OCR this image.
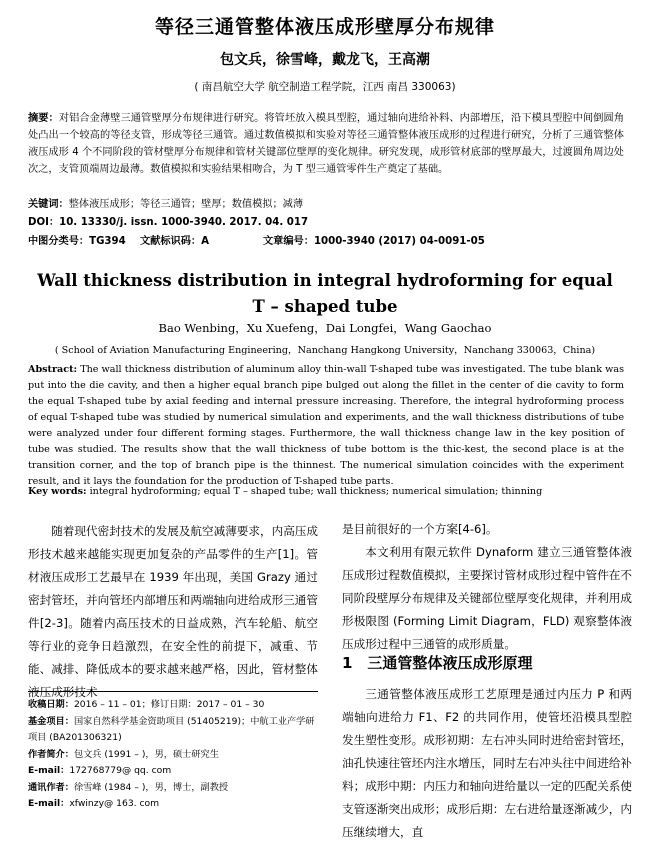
等径三通管整体液压成形壁厚分布规律
包文兵，徐雪峰，戴龙飞，王高潮
( 南昌航空大学 航空制造工程学院，江西 南昌 330063)
摘要：对铝合金薄壁三通管壁厚分布规律进行研究。将管坯放入模具型腔，通过轴向进给补料、内部增压，沿下模具型腔中间倒圆角处凸出一个较高的等径支管，形成等径三通管。通过数值模拟和实验对等径三通管整体液压成形的过程进行研究，分析了三通管整体液压成形 4 个不同阶段的管材壁厚分布规律和管材关键部位壁厚的变化规律。研究发现，成形管材底部的壁厚最大，过渡圆角周边处次之，支管顶端周边最薄。数值模拟和实验结果相吻合，为 T 型三通管零件生产奠定了基础。
关键词：整体液压成形；等径三通管；壁厚；数值模拟；减薄
DOI：10. 13330/j. issn. 1000-3940. 2017. 04. 017
中图分类号：TG394 文献标识码：A	文章编号：1000-3940 (2017) 04-0091-05
Wall thickness distribution in integral hydroforming for equal
T – shaped tube
Bao Wenbing，Xu Xuefeng，Dai Longfei，Wang Gaochao
( School of Aviation Manufacturing Engineering，Nanchang Hangkong University，Nanchang 330063，China)
Abstract: The wall thickness distribution of aluminum alloy thin-wall T-shaped tube was investigated. The tube blank was put into the die cavity, and then a higher equal branch pipe bulged out along the fillet in the center of die cavity to form the equal T-shaped tube by axial feeding and internal pressure increasing. Therefore, the integral hydroforming process of equal T-shaped tube was studied by numerical simulation and experiments, and the wall thickness distributions of tube were analyzed under four different forming stages. Furthermore, the wall thickness change law in the key position of tube was studied. The results show that the wall thickness of tube bottom is the thic-kest, the second place is at the transition corner, and the top of branch pipe is the thinnest. The numerical simulation coincides with the experiment result, and it lays the foundation for the production of T-shaped tube parts.
Key words: integral hydroforming; equal T – shaped tube; wall thickness; numerical simulation; thinning
随着现代密封技术的发展及航空减薄要求，内高压成形技术越来越能实现更加复杂的产品零件的生产[1]。管材液压成形工艺最早在 1939 年出现，美国 Grazy 通过密封管坯，并向管坯内部增压和两端轴向进给成形三通管件[2-3]。随着内高压技术的日益成熟，汽车轮船、航空等行业的竞争日趋激烈，在安全性的前提下，减重、节能、减排、降低成本的要求越来越严格，因此，管材整体液压成形技术
是目前很好的一个方案[4-6]。
本文利用有限元软件 Dynaform 建立三通管整体液压成形过程数值模拟，主要探讨管材成形过程中管件在不同阶段壁厚分布规律及关键部位壁厚变化规律，并利用成形极限图 (Forming Limit Diagram，FLD) 观察整体液压成形过程中三通管的成形质量。
1　三通管整体液压成形原理
三通管整体液压成形工艺原理是通过内压力 P 和两端轴向进给力 F1、F2 的共同作用，使管坯沿模具型腔发生塑性变形。成形初期：左右冲头同时进给密封管坯，油孔快速往管坯内注水增压，同时左右冲头往中间进给补料；成形中期：内压力和轴向进给量以一定的匹配关系使支管逐渐突出成形；成形后期：左右进给量逐渐减少，内压继续增大，直
收稿日期：2016 – 11 – 01；修订日期：2017 – 01 – 30
基金项目：国家自然科学基金资助项目 (51405219)；中航工业产学研项目 (BA201306321)
作者简介：包文兵 (1991 – )，男，硕士研究生
E-mail：172768779@ qq. com
通讯作者：徐雪峰 (1984 – )，男，博士，副教授
E-mail：xfwinzy@ 163. com
